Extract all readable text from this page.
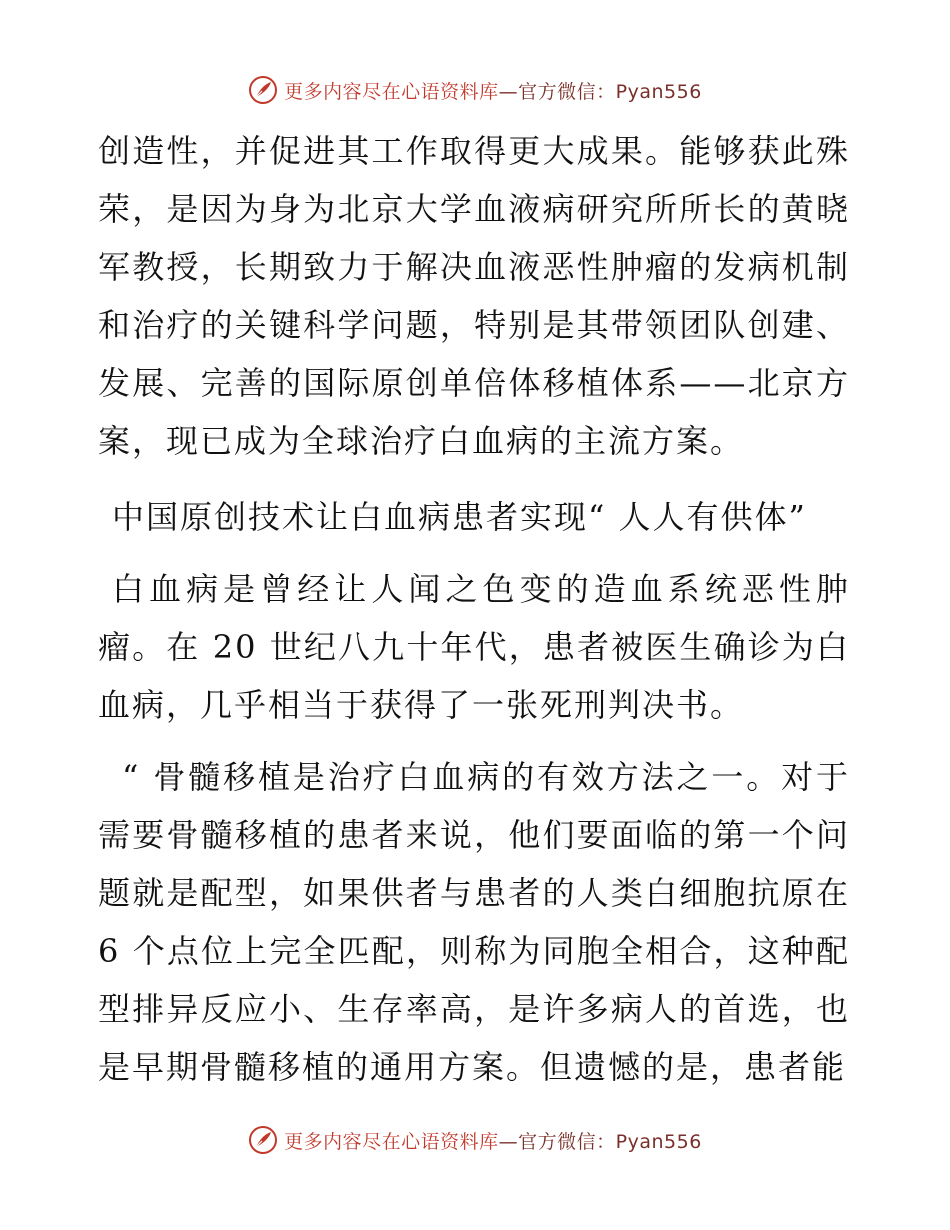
更多内容尽在心语资料库—官方微信：Pyan556

创造性，并促进其工作取得更大成果。能够获此殊荣，是因为身为北京大学血液病研究所所长的黄晓军教授，长期致力于解决血液恶性肿瘤的发病机制和治疗的关键科学问题，特别是其带领团队创建、发展、完善的国际原创单倍体移植体系——北京方案，现已成为全球治疗白血病的主流方案。

中国原创技术让白血病患者实现“ 人人有供体”

白血病是曾经让人闻之色变的造血系统恶性肿瘤。在 20 世纪八九十年代，患者被医生确诊为白血病，几乎相当于获得了一张死刑判决书。

“ 骨髓移植是治疗白血病的有效方法之一。对于需要骨髓移植的患者来说，他们要面临的第一个问题就是配型，如果供者与患者的人类白细胞抗原在 6 个点位上完全匹配，则称为同胞全相合，这种配型排异反应小、生存率高，是许多病人的首选，也是早期骨髓移植的通用方案。但遗憾的是，患者能

更多内容尽在心语资料库—官方微信：Pyan556
